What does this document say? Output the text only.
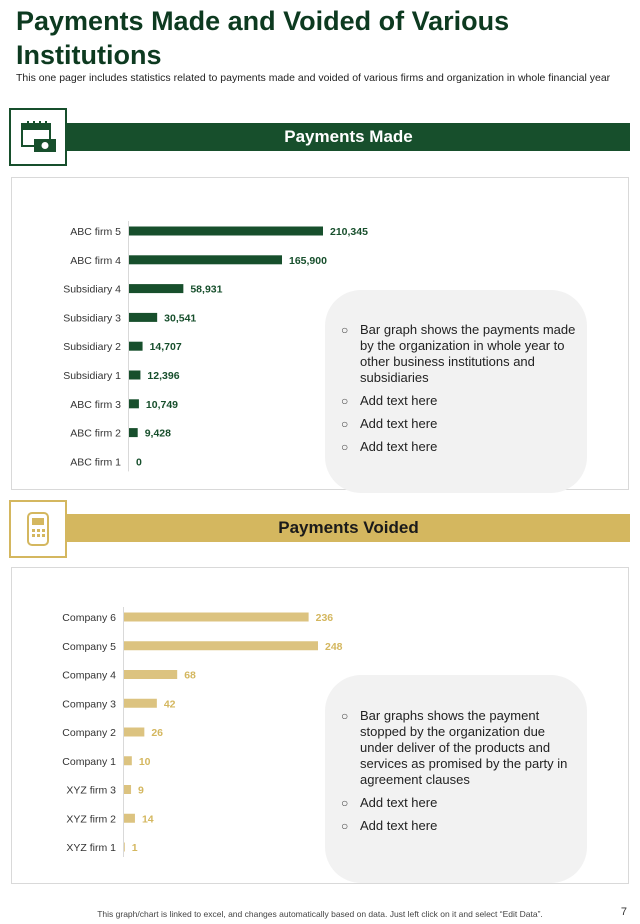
Payments Made and Voided of Various Institutions
This one pager includes statistics related to payments made and voided of various firms and organization in whole financial year
Payments Made
Payments Voided
ABC firm 5	210,345
ABC firm 4	165,900
Subsidiary 4	58,931
Subsidiary 3	30,541
Subsidiary 2	14,707
Subsidiary 1	12,396
ABC firm 3 10,749
ABC firm 2 9,428
ABC firm 1 0
Company 6	236
Company 5	248
Company 4	68
Company 3	42
Company 2	26
Company 1 10
XYZ firm 3 9
XYZ firm 2 14
XYZ firm 1 1
○ Bar graph shows the payments made by the organization in whole year to other business institutions and subsidiaries
○ Add text here
○ Add text here
○ Add text here
○ Bar graphs shows the payment stopped by the organization due under deliver of the products and services as promised by the party in agreement clauses
○ Add text here
○ Add text here
This graph/chart is linked to excel, and changes automatically based on data. Just left click on it and select “Edit Data”.	7
